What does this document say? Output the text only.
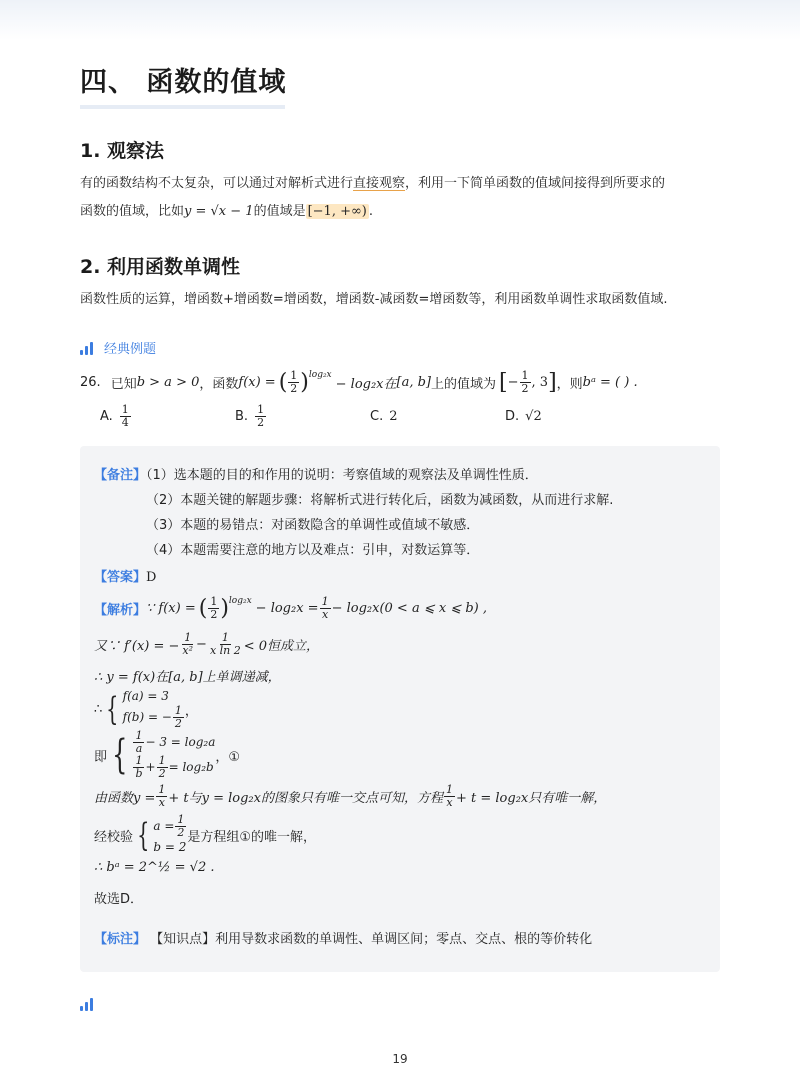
四、 函数的值域
1. 观察法
有的函数结构不太复杂，可以通过对解析式进行直接观察，利用一下简单函数的值域间接得到所要求的
函数的值域，比如y = √x − 1的值域是 [−1, +∞) .
2. 利用函数单调性
函数性质的运算，增函数+增函数=增函数，增函数-减函数=增函数等，利用函数单调性求取函数值域.
经典例题
26. 已知 b > a > 0 ，函数 f(x) = ( $\frac{1}{2} )^{log_2x}$
− log₂x在 [a, b] 上的值域为 [ − $\frac{1}{2}$ , 3 ] ，则 bᵃ = ( ) .
A. $\frac{1}{4}$	B. $\frac{1}{2}$	C. 2	D. √2
【备注】（1）选本题的目的和作用的说明：考察值域的观察法及单调性性质．
（2）本题关键的解题步骤：将解析式进行转化后，函数为减函数，从而进行求解.
（3）本题的易错点：对函数隐含的单调性或值域不敏感．
（4）本题需要注意的地方以及难点：引申，对数运算等．
【答案】D
【解析】 ∵ f(x) = ( $\frac{1}{2} )^{log_2x} - \log_2x = \frac{1}{x} - \log_2x(0 < a$ ⩽ x ⩽ b) ,
又∵ f′(x) = − $\frac{1}{\text{x²}} - \frac{1}{\text{x ln 2}} < 0$恒成立，
∴ y = f(x)在[a, b]上单调递减，
∴ { f(a) = 3
f(b) = − $\frac{1}{2}$ ，
即 { $\frac{1}{a} - 3 = \log_2a$
$\frac{1}{b} + \frac{1}{2} = \log_2b$
，①
由函数$y = \frac{1}{x} + t$与y = log₂x的图象只有唯一交点可知，方程 $\frac{1}{x} + t = \log_2x$只有唯一解，
经校验 { $a = \frac{1}{2}$
b = 2
是方程组①的唯一解，
∴ bᵃ = 2^½ = √2 .
故选D．
【标注】 【知识点】利用导数求函数的单调性、单调区间；零点、交点、根的等价转化
19
